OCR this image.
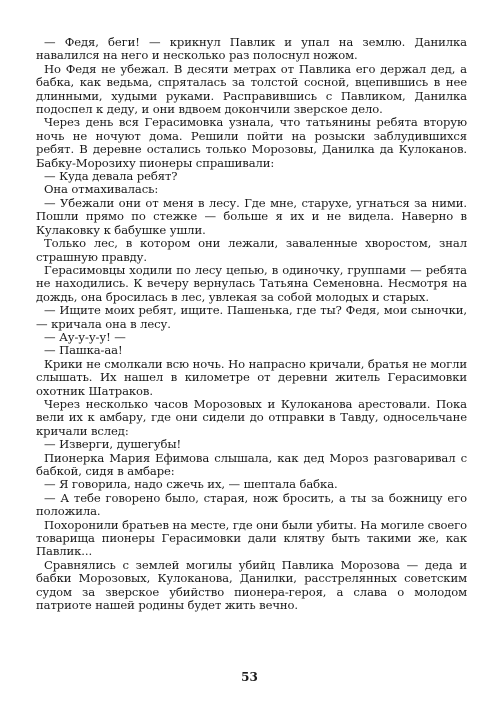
— Федя, беги! — крикнул Павлик и упал на землю. Данилка навалился на него и несколько раз полоснул ножом.

Но Федя не убежал. В десяти метрах от Павлика его держал дед, а бабка, как ведьма, спряталась за толстой сосной, вцепившись в нее длинными, худыми руками. Расправившись с Павликом, Данилка подоспел к деду, и они вдвоем докончили зверское дело.

Через день вся Герасимовка узнала, что татьянины ребята вторую ночь не ночуют дома. Решили пойти на розыски заблудившихся ребят. В деревне остались только Морозовы, Данилка да Кулоканов. Бабку-Морозиху пионеры спрашивали:

— Куда девала ребят?

Она отмахивалась:

— Убежали они от меня в лесу. Где мне, старухе, угнаться за ними. Пошли прямо по стежке — больше я их и не видела. Наверно в Кулаковку к бабушке ушли.

Только лес, в котором они лежали, заваленные хворостом, знал страшную правду.

Герасимовцы ходили по лесу цепью, в одиночку, группами — ребята не находились. К вечеру вернулась Татьяна Семеновна. Несмотря на дождь, она бросилась в лес, увлекая за собой молодых и старых.

— Ищите моих ребят, ищите. Пашенька, где ты? Федя, мои сыночки, — кричала она в лесу.

— Ау-у-у-у! —

— Пашка-аа!

Крики не смолкали всю ночь. Но напрасно кричали, братья не могли слышать. Их нашел в километре от деревни житель Герасимовки охотник Шатраков.

Через несколько часов Морозовых и Кулоканова арестовали. Пока вели их к амбару, где они сидели до отправки в Тавду, односельчане кричали вслед:

— Изверги, душегубы!

Пионерка Мария Ефимова слышала, как дед Мороз разговаривал с бабкой, сидя в амбаре:

— Я говорила, надо сжечь их, — шептала бабка.

— А тебе говорено было, старая, нож бросить, а ты за божницу его положила.

Похоронили братьев на месте, где они были убиты. На могиле своего товарища пионеры Герасимовки дали клятву быть такими же, как Павлик...

Сравнялись с землей могилы убийц Павлика Морозова — деда и бабки Морозовых, Кулоканова, Данилки, расстрелянных советским судом за зверское убийство пионера-героя, а слава о молодом патриоте нашей родины будет жить вечно.

53
